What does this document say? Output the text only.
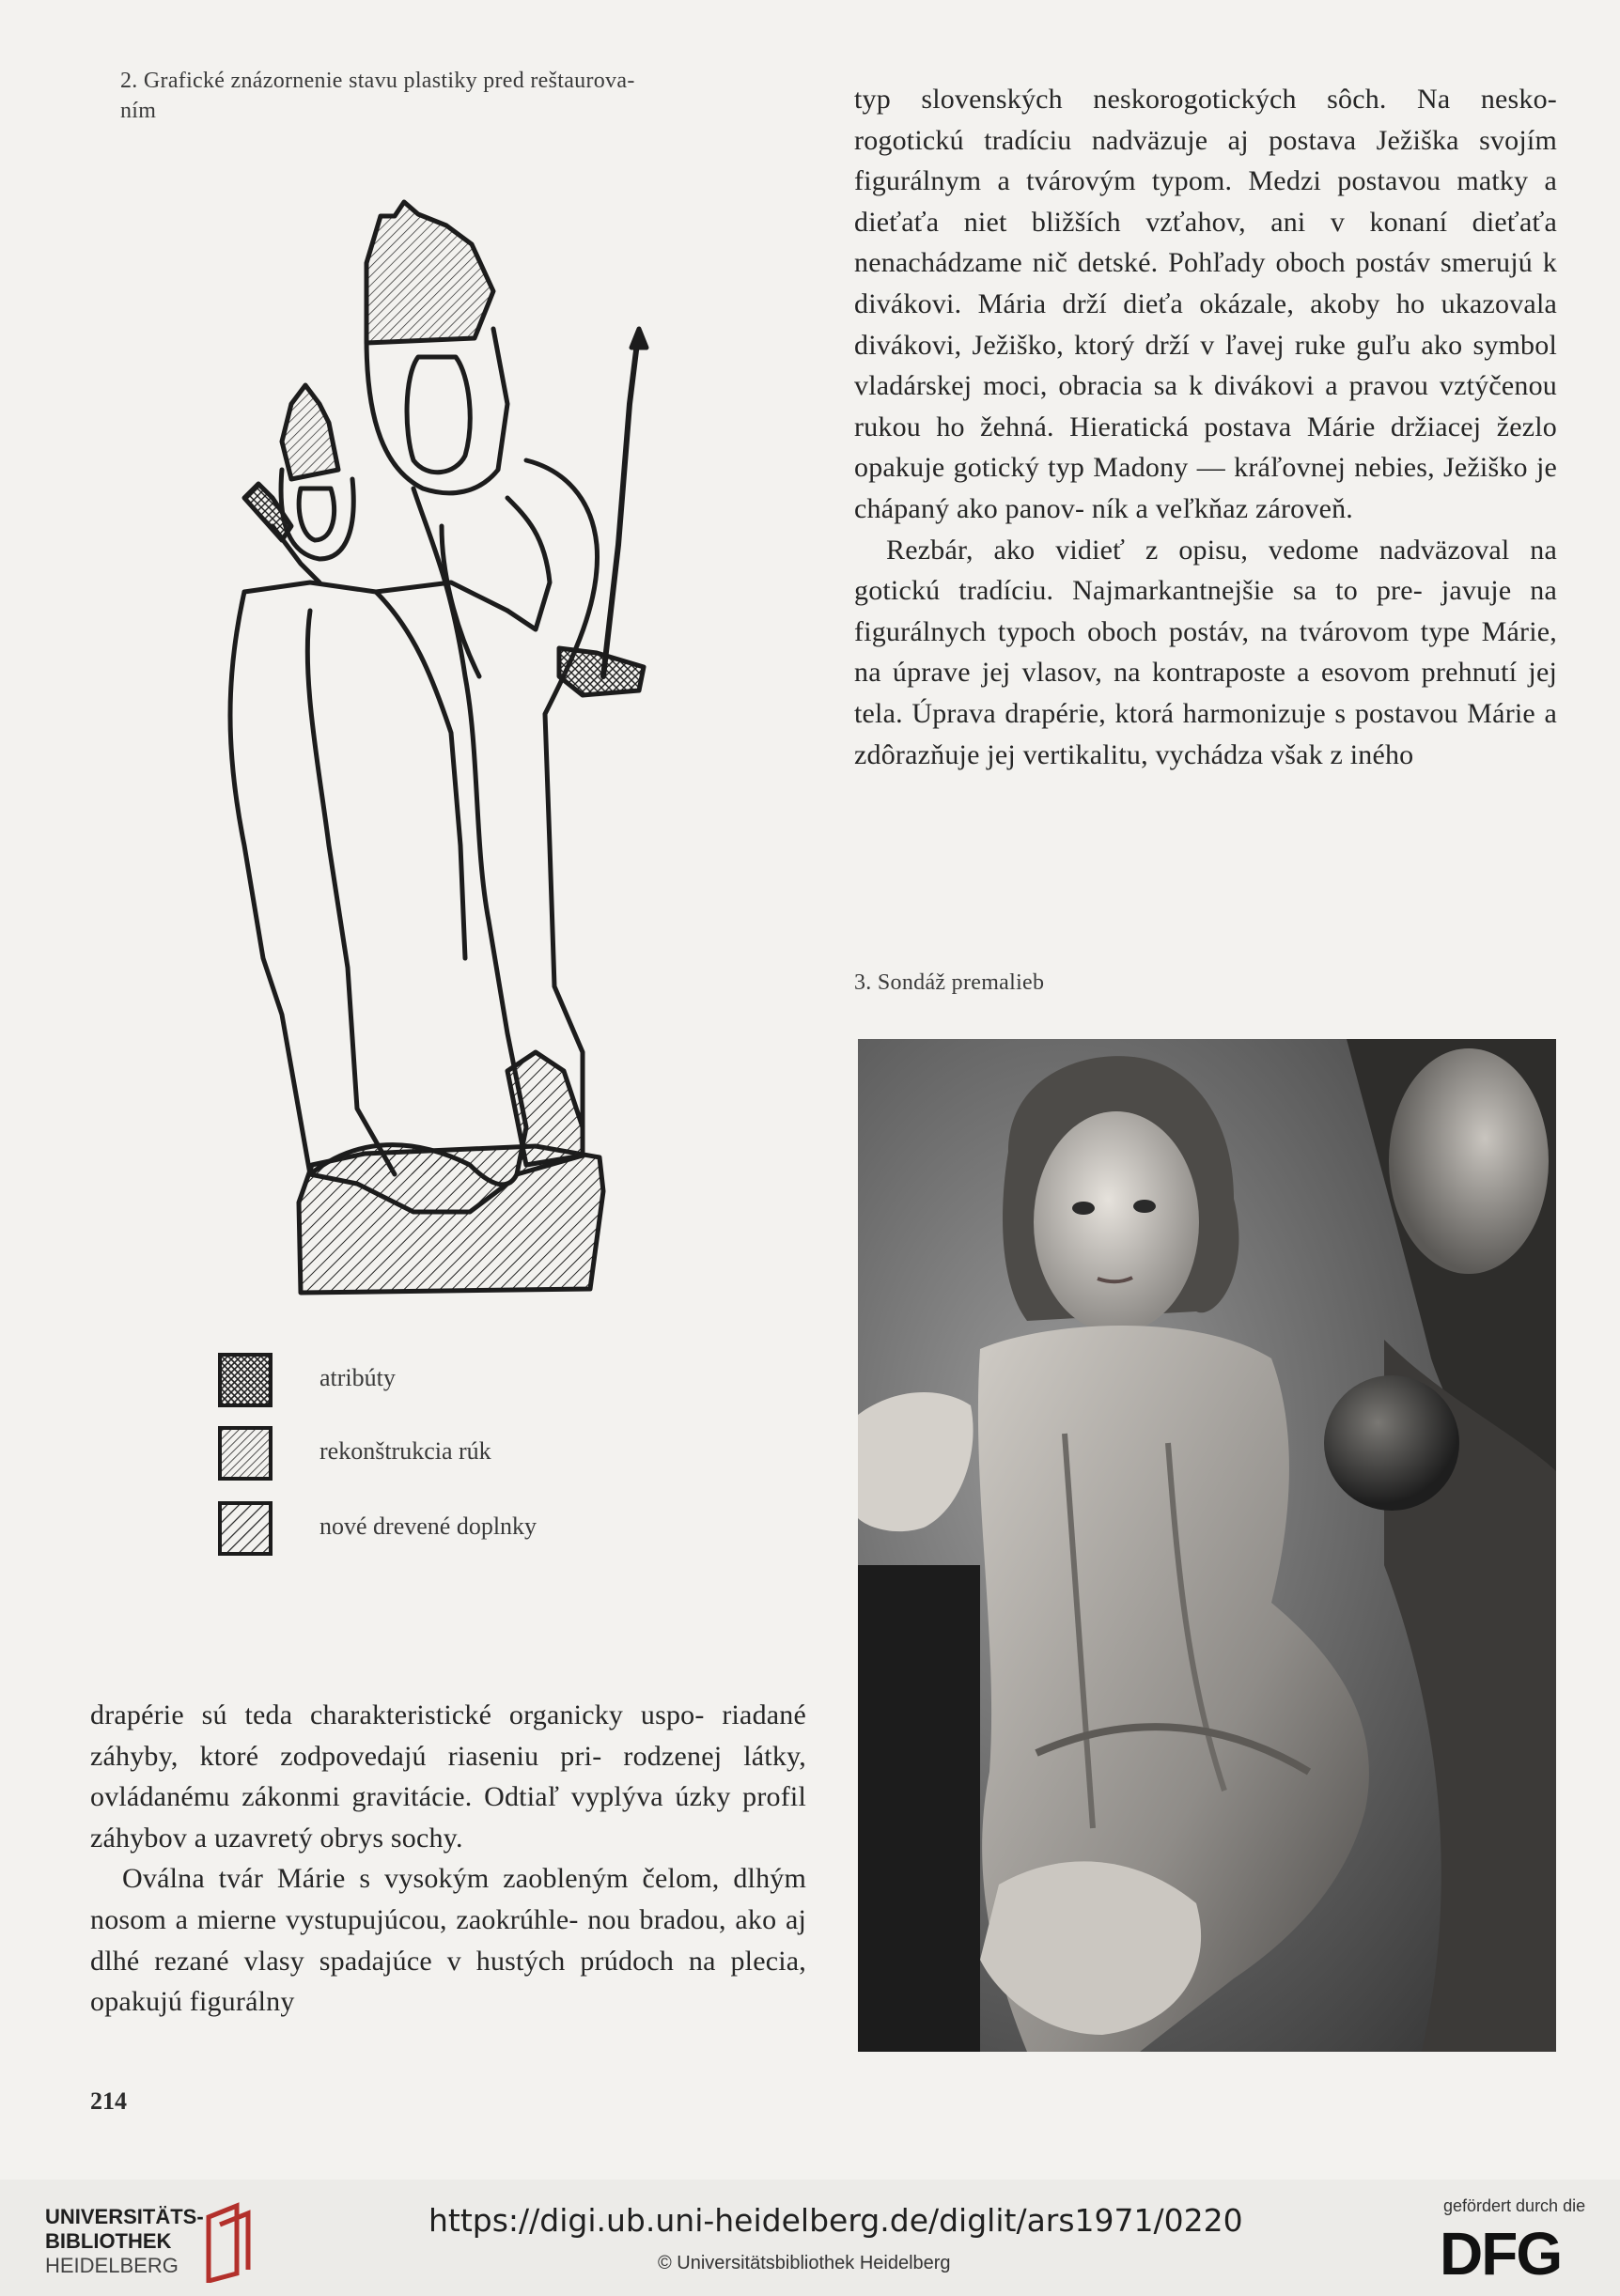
2. Grafické znázornenie stavu plastiky pred reštaurova-
ním
atribúty
rekonštrukcia rúk
nové drevené doplnky

typ slovenských neskorogotických sôch. Na nesko- rogotickú tradíciu nadväzuje aj postava Ježiška svojím figurálnym a tvárovým typom. Medzi postavou matky a dieťaťa niet bližších vzťahov, ani v konaní dieťaťa nenachádzame nič detské. Pohľady oboch postáv smerujú k divákovi. Mária drží dieťa okázale, akoby ho ukazovala divákovi, Ježiško, ktorý drží v ľavej ruke guľu ako symbol vladárskej moci, obracia sa k divákovi a pravou vztýčenou rukou ho žehná. Hieratická postava Márie držiacej žezlo opakuje gotický typ Madony — kráľovnej nebies, Ježiško je chápaný ako panov- ník a veľkňaz zároveň.

Rezbár, ako vidieť z opisu, vedome nadväzoval na gotickú tradíciu. Najmarkantnejšie sa to pre- javuje na figurálnych typoch oboch postáv, na tvárovom type Márie, na úprave jej vlasov, na kontraposte a esovom prehnutí jej tela. Úprava drapérie, ktorá harmonizuje s postavou Márie a zdôrazňuje jej vertikalitu, vychádza však z iného

3. Sondáž premalieb

drapérie sú teda charakteristické organicky uspo- riadané záhyby, ktoré zodpovedajú riaseniu pri- rodzenej látky, ovládanému zákonmi gravitácie. Odtiaľ vyplýva úzky profil záhybov a uzavretý obrys sochy.

Oválna tvár Márie s vysokým zaobleným čelom, dlhým nosom a mierne vystupujúcou, zaokrúhle- nou bradou, ako aj dlhé rezané vlasy spadajúce v hustých prúdoch na plecia, opakujú figurálny

214
UNIVERSITÄTS-
BIBLIOTHEK
HEIDELBERG
https://digi.ub.uni-heidelberg.de/diglit/ars1971/0220
© Universitätsbibliothek Heidelberg
gefördert durch die
DFG
